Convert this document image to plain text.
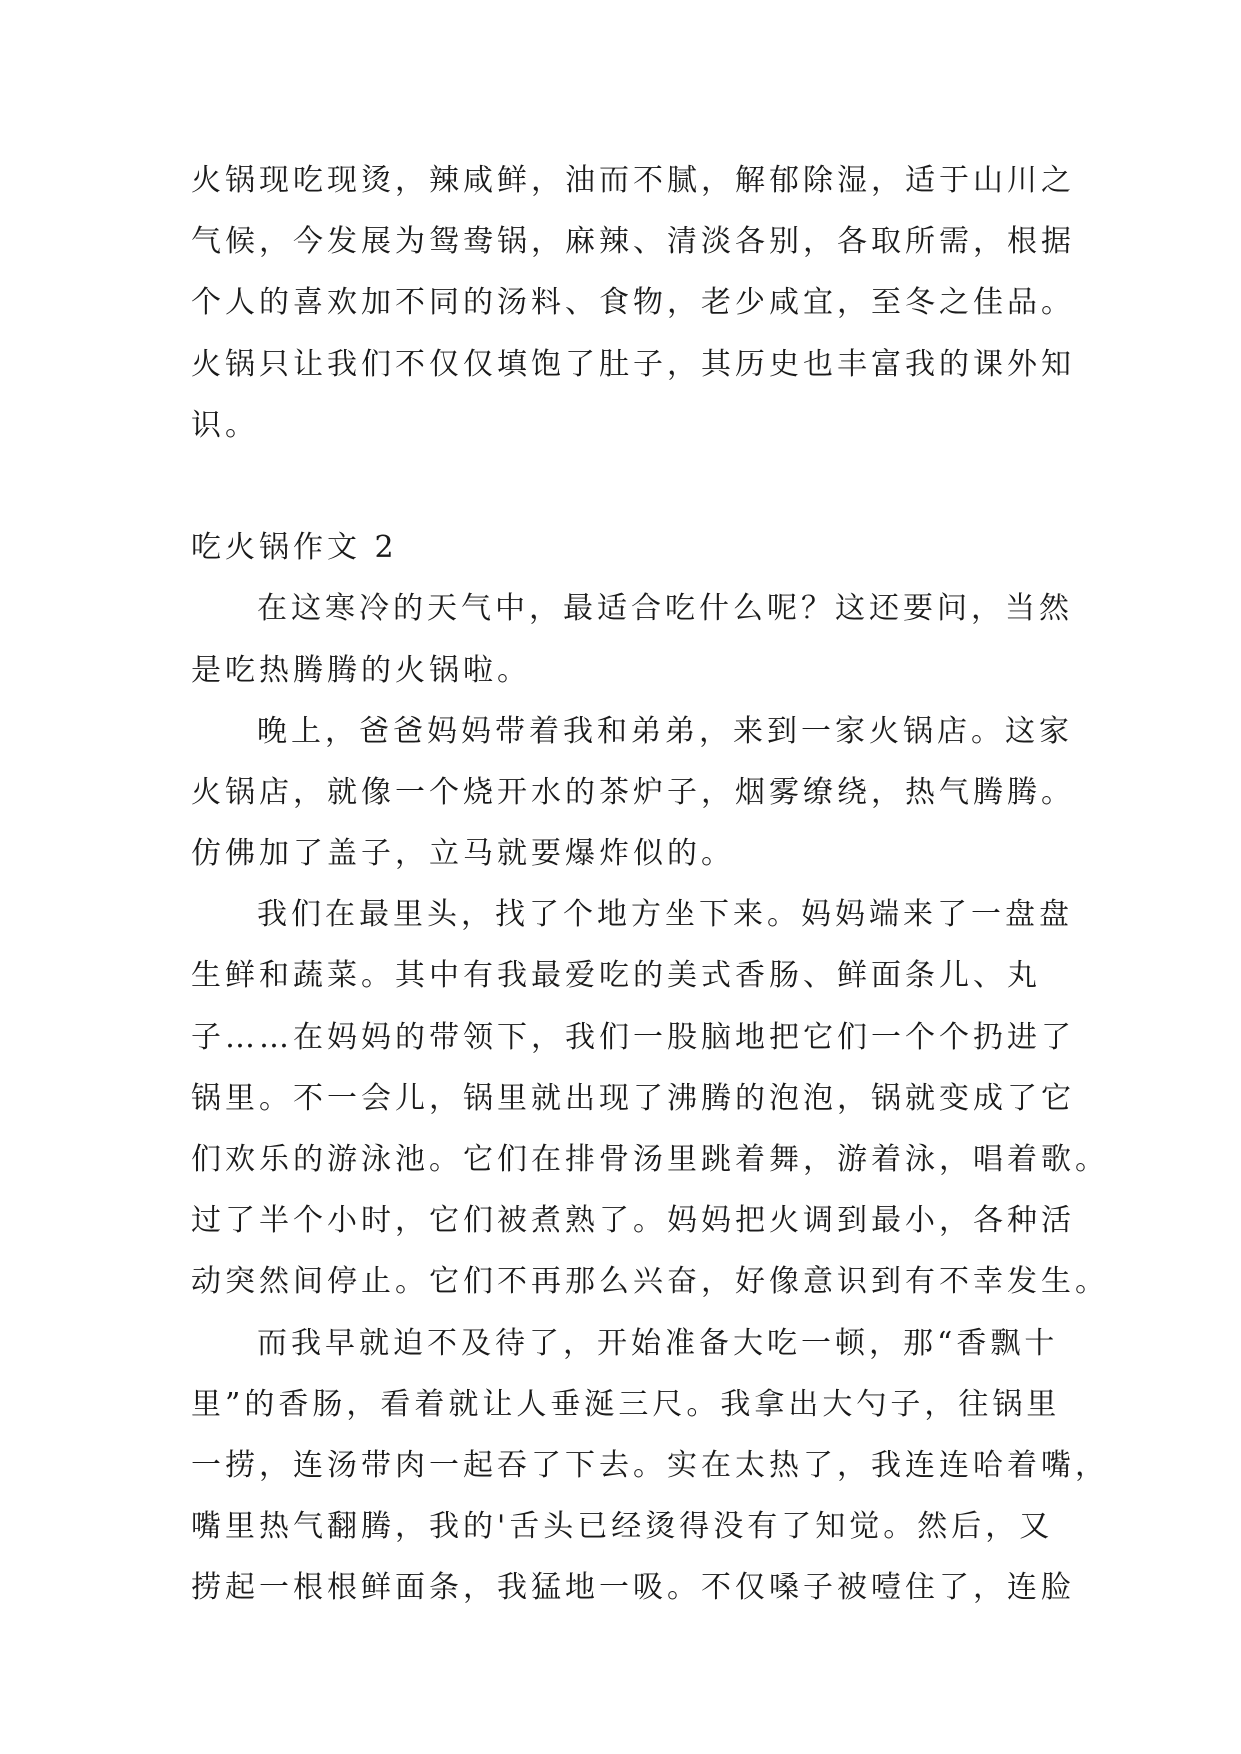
火锅现吃现烫，辣咸鲜，油而不腻，解郁除湿，适于山川之
气候，今发展为鸳鸯锅，麻辣、清淡各别，各取所需，根据
个人的喜欢加不同的汤料、食物，老少咸宜，至冬之佳品。
火锅只让我们不仅仅填饱了肚子，其历史也丰富我的课外知
识。
吃火锅作文 2
在这寒冷的天气中，最适合吃什么呢？这还要问，当然
是吃热腾腾的火锅啦。
晚上，爸爸妈妈带着我和弟弟，来到一家火锅店。这家
火锅店，就像一个烧开水的茶炉子，烟雾缭绕，热气腾腾。
仿佛加了盖子，立马就要爆炸似的。
我们在最里头，找了个地方坐下来。妈妈端来了一盘盘
生鲜和蔬菜。其中有我最爱吃的美式香肠、鲜面条儿、丸
子……在妈妈的带领下，我们一股脑地把它们一个个扔进了
锅里。不一会儿，锅里就出现了沸腾的泡泡，锅就变成了它
们欢乐的游泳池。它们在排骨汤里跳着舞，游着泳，唱着歌。
过了半个小时，它们被煮熟了。妈妈把火调到最小，各种活
动突然间停止。它们不再那么兴奋，好像意识到有不幸发生。
而我早就迫不及待了，开始准备大吃一顿，那“香飘十
里”的香肠，看着就让人垂涎三尺。我拿出大勺子，往锅里
一捞，连汤带肉一起吞了下去。实在太热了，我连连哈着嘴，
嘴里热气翻腾，我的'舌头已经烫得没有了知觉。然后，又
捞起一根根鲜面条，我猛地一吸。不仅嗓子被噎住了，连脸
